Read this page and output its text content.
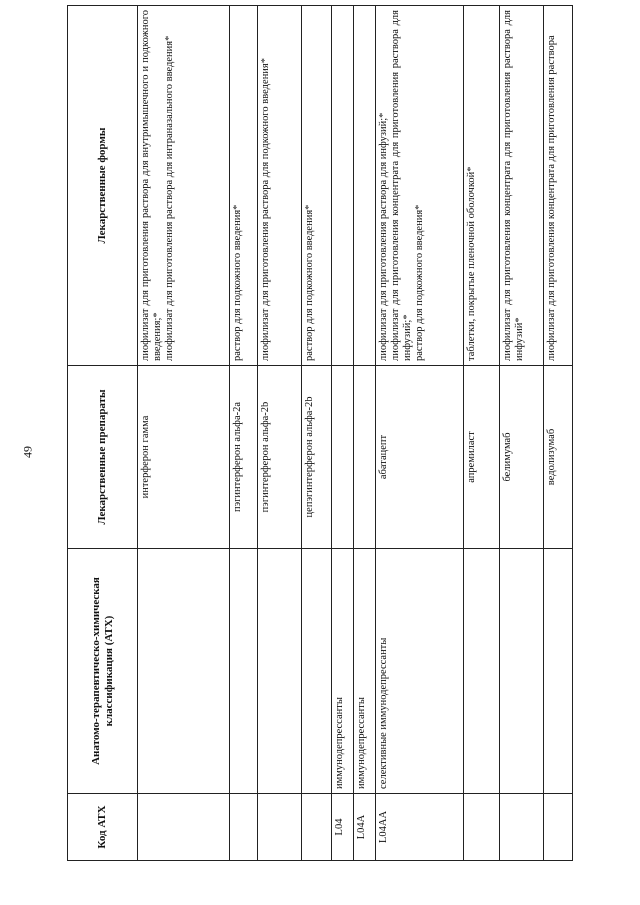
49
Код АТХ	Анатомо-терапевтическо-химическая классификация (АТХ)	Лекарственные препараты	Лекарственные формы
		интерферон гамма	лиофилизат для приготовления раствора для внутримышечного и подкожного введения;* лиофилизат для приготовления раствора для интраназального введения*

		пэгинтерферон альфа-2a	раствор для подкожного введения*

		пэгинтерферон альфа-2b	лиофилизат для приготовления раствора для подкожного введения*

		цепэгинтерферон альфа-2b	раствор для подкожного введения*

L04	иммунодепрессанты		
L04A	иммунодепрессанты		
L04AA	селективные иммунодепрессанты	абатацепт	лиофилизат для приготовления раствора для инфузий;* лиофилизат для приготовления концентрата для приготовления раствора для инфузий;* раствор для подкожного введения*

		апремиласт	таблетки, покрытые пленочной оболочкой*

		белимумаб	лиофилизат для приготовления концентрата для приготовления раствора для инфузий*

		ведолизумаб	лиофилизат для приготовления концентрата для приготовления раствора
